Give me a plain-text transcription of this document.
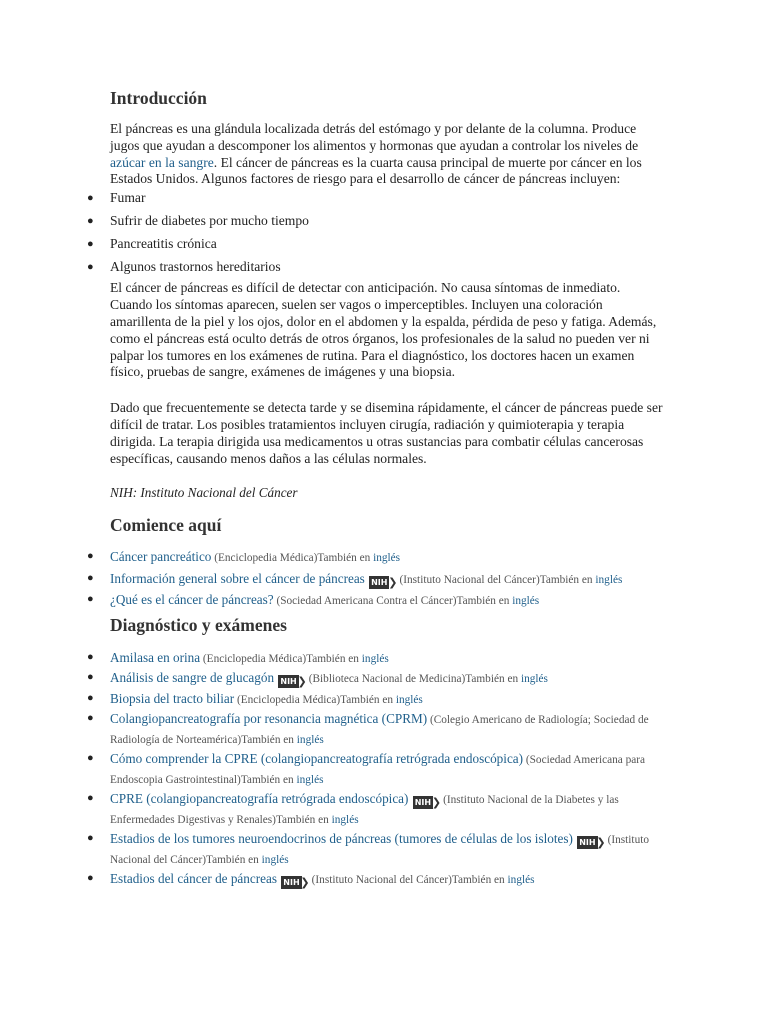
Introducción

El páncreas es una glándula localizada detrás del estómago y por delante de la columna. Produce jugos que ayudan a descomponer los alimentos y hormonas que ayudan a controlar los niveles de azúcar en la sangre. El cáncer de páncreas es la cuarta causa principal de muerte por cáncer en los Estados Unidos. Algunos factores de riesgo para el desarrollo de cáncer de páncreas incluyen:

● Fumar
● Sufrir de diabetes por mucho tiempo
● Pancreatitis crónica
● Algunos trastornos hereditarios

El cáncer de páncreas es difícil de detectar con anticipación. No causa síntomas de inmediato. Cuando los síntomas aparecen, suelen ser vagos o imperceptibles. Incluyen una coloración amarillenta de la piel y los ojos, dolor en el abdomen y la espalda, pérdida de peso y fatiga. Además, como el páncreas está oculto detrás de otros órganos, los profesionales de la salud no pueden ver ni palpar los tumores en los exámenes de rutina. Para el diagnóstico, los doctores hacen un examen físico, pruebas de sangre, exámenes de imágenes y una biopsia.

Dado que frecuentemente se detecta tarde y se disemina rápidamente, el cáncer de páncreas puede ser difícil de tratar. Los posibles tratamientos incluyen cirugía, radiación y quimioterapia y terapia dirigida. La terapia dirigida usa medicamentos u otras sustancias para combatir células cancerosas específicas, causando menos daños a las células normales.

NIH: Instituto Nacional del Cáncer

Comience aquí
● Cáncer pancreático (Enciclopedia Médica)También en inglés
● Información general sobre el cáncer de páncreas NIH ❯ (Instituto Nacional del Cáncer)También en inglés
● ¿Qué es el cáncer de páncreas? (Sociedad Americana Contra el Cáncer)También en inglés
Diagnóstico y exámenes
● Amilasa en orina (Enciclopedia Médica)También en inglés
● Análisis de sangre de glucagón NIH ❯ (Biblioteca Nacional de Medicina)También en inglés
● Biopsia del tracto biliar (Enciclopedia Médica)También en inglés
● Colangiopancreatografía por resonancia magnética (CPRM) (Colegio Americano de Radiología; Sociedad de Radiología de Norteamérica)También en inglés
● Cómo comprender la CPRE (colangiopancreatografía retrógrada endoscópica) (Sociedad Americana para Endoscopia Gastrointestinal)También en inglés
● CPRE (colangiopancreatografía retrógrada endoscópica) NIH ❯ (Instituto Nacional de la Diabetes y las Enfermedades Digestivas y Renales)También en inglés
● Estadios de los tumores neuroendocrinos de páncreas (tumores de células de los islotes) NIH ❯ (Instituto Nacional del Cáncer)También en inglés
● Estadios del cáncer de páncreas NIH ❯ (Instituto Nacional del Cáncer)También en inglés
